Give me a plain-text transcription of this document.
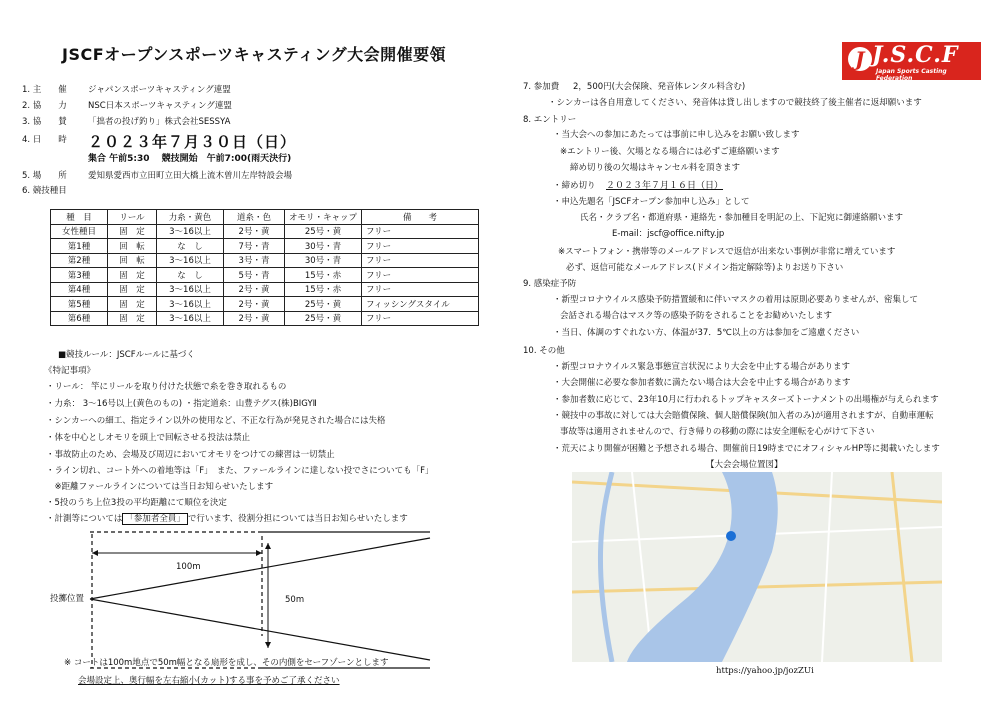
JSCFオープンスポーツキャスティング大会開催要領	J J.S.C.F
Japan Sports Casting Federation
1. 主　　催 ジャパンスポーツキャスティング連盟
2. 協　　力 NSC日本スポーツキャスティング連盟
3. 協　　賛 「拙者の投げ釣り」株式会社SESSYA
4. 日　　時 ２０２３年７月３０日（日）
集合 午前5:30　 競技開始　午前7:00(雨天決行)
5. 場　　所 愛知県愛西市立田町立田大橋上流木曽川左岸特設会場
6. 競技種目
種　目	リール	力糸・黄色	道糸・色	オモリ・キャップ	備　　考
女性種目	固　定	3～16以上	2号・黄	25号・黄	フリー
第1種	回　転	な　し	7号・青	30号・青	フリー
第2種	回　転	3～16以上	3号・青	30号・青	フリー
第3種	固　定	な　し	5号・青	15号・赤	フリー
第4種	固　定	3～16以上	2号・黄	15号・赤	フリー
第5種	固　定	3～16以上	2号・黄	25号・黄	フィッシングスタイル
第6種	固　定	3～16以上	2号・黄	25号・黄	フリー
■競技ルール：JSCFルールに基づく
《特記事項》
・リール： 竿にリールを取り付けた状態で糸を巻き取れるもの
・力糸： 3～16号以上(黄色のもの) ・指定道糸：山豊テグス(株)BIGYⅡ
・シンカーへの細工、指定ライン以外の使用など、不正な行為が発見された場合には失格
・体を中心としオモリを頭上で回転させる投法は禁止
・事故防止のため、会場及び周辺においてオモリをつけての練習は一切禁止
・ライン切れ、コート外への着地等は「F」　また、ファールラインに達しない投でさについても「F」
　※距離ファールラインについては当日お知らせいたします
・5投のうち上位3投の平均距離にて順位を決定
・計測等については 「参加者全員」 で行います、役割分担については当日お知らせいたします
100m
50m
投擲位置
※ コートは100m地点で50m幅となる扇形を成し、その内側をセーフゾーンとします
会場設定上、奥行幅を左右縮小(カット)する事を予めご了承ください
7. 参加費 2，500円(大会保険、発音体レンタル料含む)
・シンカーは各自用意してください、発音体は貸し出しますので競技終了後主催者に返却願います
8. エントリー
・当大会への参加にあたっては事前に申し込みをお願い致します
※エントリー後、欠場となる場合には必ずご連絡願います
締め切り後の欠場はキャンセル料を頂きます
・締め切り ２０２３年７月１６日（日）
・申込先題名「JSCFオープン参加申し込み」として
氏名・クラブ名・都道府県・連絡先・参加種目を明記の上、下記宛に御連絡願います
E-mail：jscf@office.nifty.jp
※スマートフォン・携帯等のメールアドレスで返信が出来ない事例が非常に増えています
必ず、返信可能なメールアドレス(ドメイン指定解除等)よりお送り下さい
9. 感染症予防
・新型コロナウイルス感染予防措置緩和に伴いマスクの着用は原則必要ありませんが、密集して
会話される場合はマスク等の感染予防をされることをお勧めいたします
・当日、体調のすぐれない方、体温が37．5℃以上の方は参加をご遠慮ください
10. その他
・新型コロナウイルス緊急事態宣言状況により大会を中止する場合があります
・大会開催に必要な参加者数に満たない場合は大会を中止する場合があります
・参加者数に応じて、23年10月に行われるトップキャスターズトーナメントの出場権が与えられます
・競技中の事故に対しては大会賠償保険、個人賠償保険(加入者のみ)が適用されますが、自動車運転
事故等は適用されませんので、行き帰りの移動の際には安全運転を心がけて下さい
・荒天により開催が困難と予想される場合、開催前日19時までにオフィシャルHP等に掲載いたします
【大会会場位置図】
https://yahoo.jp/jozZUi
